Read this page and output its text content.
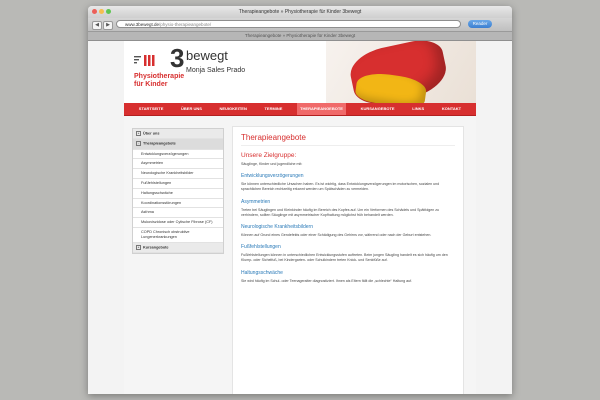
Therapieangebote » Physiotherapie für Kinder 3bewegt
◀	▶	www.3bewegt.de/physio-therapieangebote/	Reader
Therapieangebote » Physiotherapie für Kinder 3bewegt
3 bewegt
Monja Sales Prado
Physiotherapie
für Kinder
STARTSEITE	ÜBER UNS	NEUIGKEITEN	TERMINE	THERAPIEANGEBOTE	KURSANGEBOTE	LINKS	KONTAKT
+ Über uns
- Therapieangebote
Entwicklungsverzögerungen
Asymmetrien
Neurologische Krankheitsbilder
Fußfehlstellungen
Haltungsschwäche
Koordinationsstörungen
Asthma
Mukoviszidose oder Cytische Fibrose (CF)
COPD Chronisch obstruktive Lungenerkrankungen
+ Kursangebote
Therapieangebote
Unsere Zielgruppe:

Säuglinge, Kinder und jugendliche mit:

Entwicklungsverzögerungen

Sie können unterschiedliche Ursachen haben. Es ist wichtig, dass Entwicklungsverzögerungen im motorischen, sozialen und sprachlichen Bereich rechtzeitig erkannt werden um Spätschäden zu vermeiden.

Asymmetrien

Treten bei Säuglingen und Kleinkinder häufig im Bereich des Kopfes auf. Um ein Verformen des Schädels und Spätfolgen zu verhindern, sollten Säuglinge mit asymmetrischer Kopfhaltung möglichst früh behandelt werden.

Neurologische Krankheitsbildern

Können auf Grund eines Gendefekts oder einer Schädigung des Gehirns vor, während oder nach der Geburt entstehen.

Fußfehlstellungen

Fußfehlstellungen können in unterschiedlichen Entwicklungsstufen auftreten. Beim jungen Säugling handelt es sich häufig um den Klump- oder Sichelfuß, bei Kindergarten- oder Schulkindern treten Knick- und Senkfüße auf.

Haltungsschwäche

Sie wird häufig im Schul- oder Teenageralter diagnostiziert. Ihnen als Eltern fällt die „schlechte“ Haltung auf.
